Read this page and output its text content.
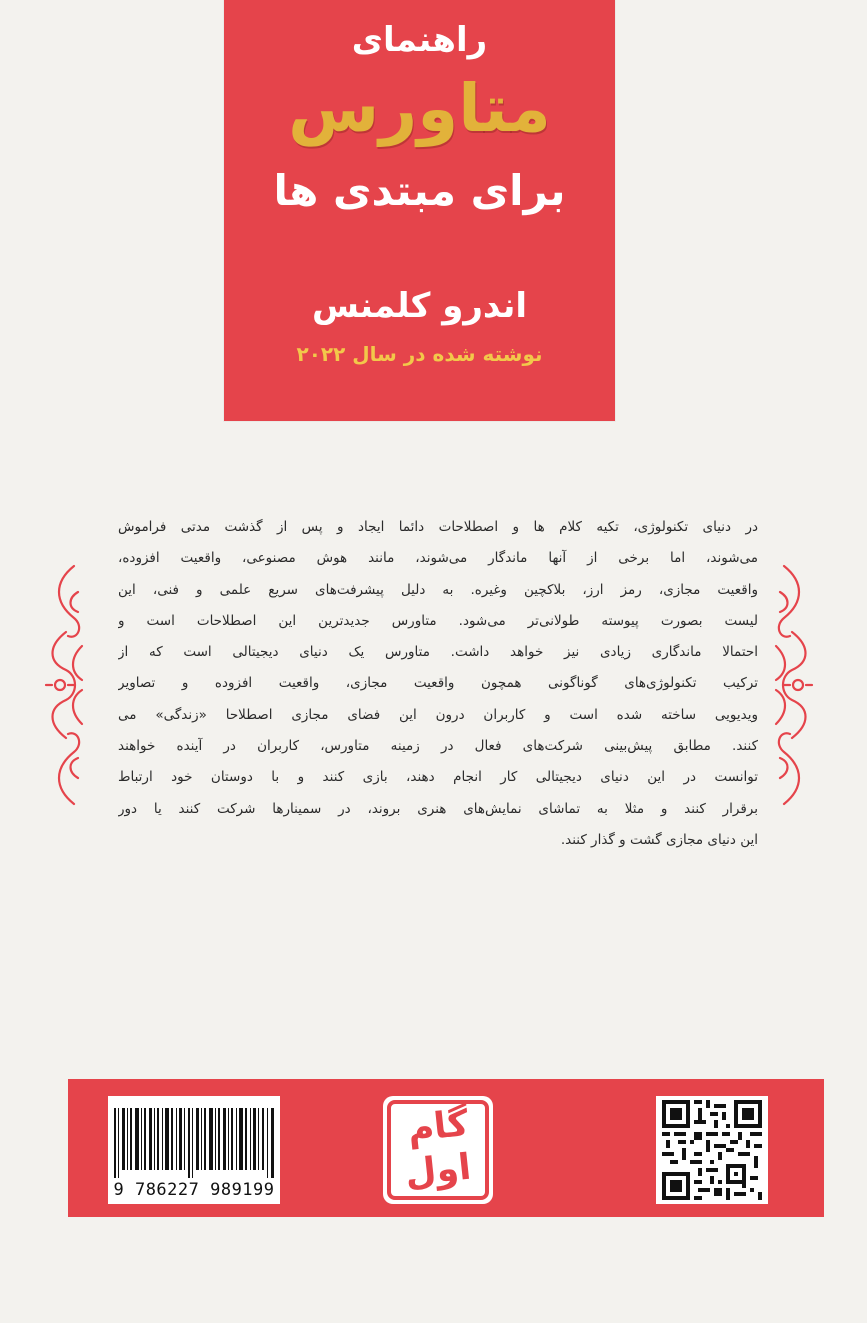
راهنمای
متاورس
برای مبتدی ها
اندرو کلمنس
نوشته شده در سال ۲۰۲۲
در دنیای تکنولوژی، تکیه کلام ها و اصطلاحات دائما ایجاد و پس از گذشت مدتی فراموش
می‌شوند، اما برخی از آنها ماندگار می‌شوند، مانند هوش مصنوعی، واقعیت افزوده،
واقعیت مجازی، رمز ارز، بلاکچین وغیره. به دلیل پیشرفت‌های سریع علمی و فنی، این
لیست بصورت پیوسته طولانی‌تر می‌شود. متاورس جدیدترین این اصطلاحات است و
احتمالا ماندگاری زیادی نیز خواهد داشت. متاورس یک دنیای دیجیتالی است که از
ترکیب تکنولوژی‌های گوناگونی همچون واقعیت مجازی، واقعیت افزوده و تصاویر
ویدیویی ساخته شده است و کاربران درون این فضای مجازی اصطلاحا «زندگی» می
کنند. مطابق پیش‌بینی شرکت‌های فعال در زمینه متاورس، کاربران در آینده خواهند
توانست در این دنیای دیجیتالی کار انجام دهند، بازی کنند و با دوستان خود ارتباط
برقرار کنند و مثلا به تماشای نمایش‌های هنری بروند، در سمینارها شرکت کنند یا دور
این دنیای مجازی گشت و گذار کنند.
9 786227 989199
گام
اول
